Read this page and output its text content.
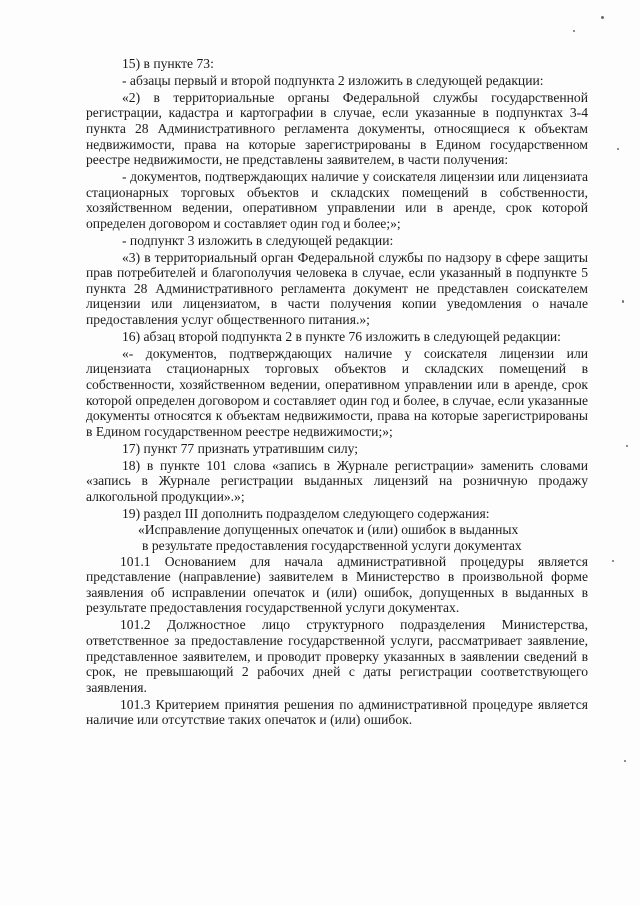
15) в пункте 73:

- абзацы первый и второй подпункта 2 изложить в следующей редакции:

«2) в территориальные органы Федеральной службы государственной регистрации, кадастра и картографии в случае, если указанные в подпунктах 3-4 пункта 28 Административного регламента документы, относящиеся к объектам недвижимости, права на которые зарегистрированы в Едином государственном реестре недвижимости, не представлены заявителем, в части получения:

- документов, подтверждающих наличие у соискателя лицензии или лицензиата стационарных торговых объектов и складских помещений в собственности, хозяйственном ведении, оперативном управлении или в аренде, срок которой определен договором и составляет один год и более;»;

- подпункт 3 изложить в следующей редакции:

«3) в территориальный орган Федеральной службы по надзору в сфере защиты прав потребителей и благополучия человека в случае, если указанный в подпункте 5 пункта 28 Административного регламента документ не представлен соискателем лицензии или лицензиатом, в части получения копии уведомления о начале предоставления услуг общественного питания.»;

16) абзац второй подпункта 2 в пункте 76 изложить в следующей редакции:

«- документов, подтверждающих наличие у соискателя лицензии или лицензиата стационарных торговых объектов и складских помещений в собственности, хозяйственном ведении, оперативном управлении или в аренде, срок которой определен договором и составляет один год и более, в случае, если указанные документы относятся к объектам недвижимости, права на которые зарегистрированы в Едином государственном реестре недвижимости;»;

17) пункт 77 признать утратившим силу;

18) в пункте 101 слова «запись в Журнале регистрации» заменить словами «запись в Журнале регистрации выданных лицензий на розничную продажу алкогольной продукции».»;

19) раздел III дополнить подразделом следующего содержания:

«Исправление допущенных опечаток и (или) ошибок в выданных

в результате предоставления государственной услуги документах

101.1 Основанием для начала административной процедуры является представление (направление) заявителем в Министерство в произвольной форме заявления об исправлении опечаток и (или) ошибок, допущенных в выданных в результате предоставления государственной услуги документах.

101.2 Должностное лицо структурного подразделения Министерства, ответственное за предоставление государственной услуги, рассматривает заявление, представленное заявителем, и проводит проверку указанных в заявлении сведений в срок, не превышающий 2 рабочих дней с даты регистрации соответствующего заявления.

101.3 Критерием принятия решения по административной процедуре является наличие или отсутствие таких опечаток и (или) ошибок.
